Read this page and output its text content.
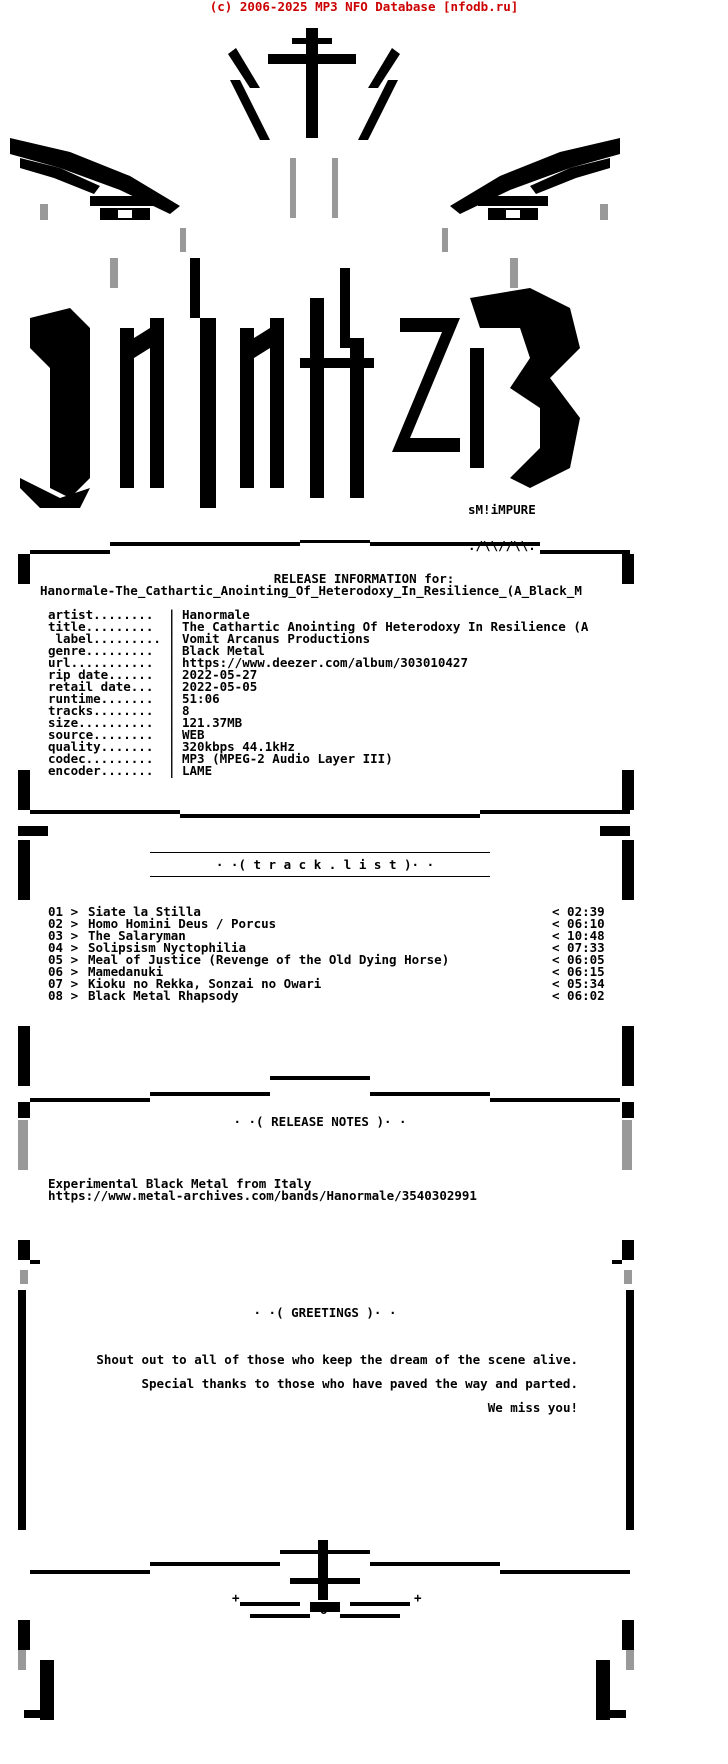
(c) 2006-2025 MP3 NFO Database [nfodb.ru]

sM!iMPURE

RELEASE INFORMATION for:
Hanormale-The_Cathartic_Anointing_Of_Heterodoxy_In_Resilience_(A_Black_M
artist........ | Hanormale
title......... | The Cathartic Anointing Of Heterodoxy In Resilience (A
label......... | Vomit Arcanus Productions
genre......... | Black Metal
url........... | https://www.deezer.com/album/303010427
rip date...... | 2022-05-27
retail date... | 2022-05-05
runtime....... | 51:06
tracks........ | 8
size.......... | 121.37MB
source........ | WEB
quality....... | 320kbps 44.1kHz
codec......... | MP3 (MPEG-2 Audio Layer III)
encoder....... | LAME
· ·( t r a c k . l i s t )· ·
01 > Siate la Stilla	< 02:39
02 > Homo Homini Deus / Porcus	< 06:10
03 > The Salaryman	< 10:48
04 > Solipsism Nyctophilia	< 07:33
05 > Meal of Justice (Revenge of the Old Dying Horse)	< 06:05
06 > Mamedanuki	< 06:15
07 > Kioku no Rekka, Sonzai no Owari	< 05:34
08 > Black Metal Rhapsody	< 06:02
· ·( RELEASE NOTES )· ·
Experimental Black Metal from Italy
https://www.metal-archives.com/bands/Hanormale/3540302991
· ·( GREETINGS )· ·
Shout out to all of those who keep the dream of the scene alive.
Special thanks to those who have paved the way and parted.
We miss you!
+	+
o
